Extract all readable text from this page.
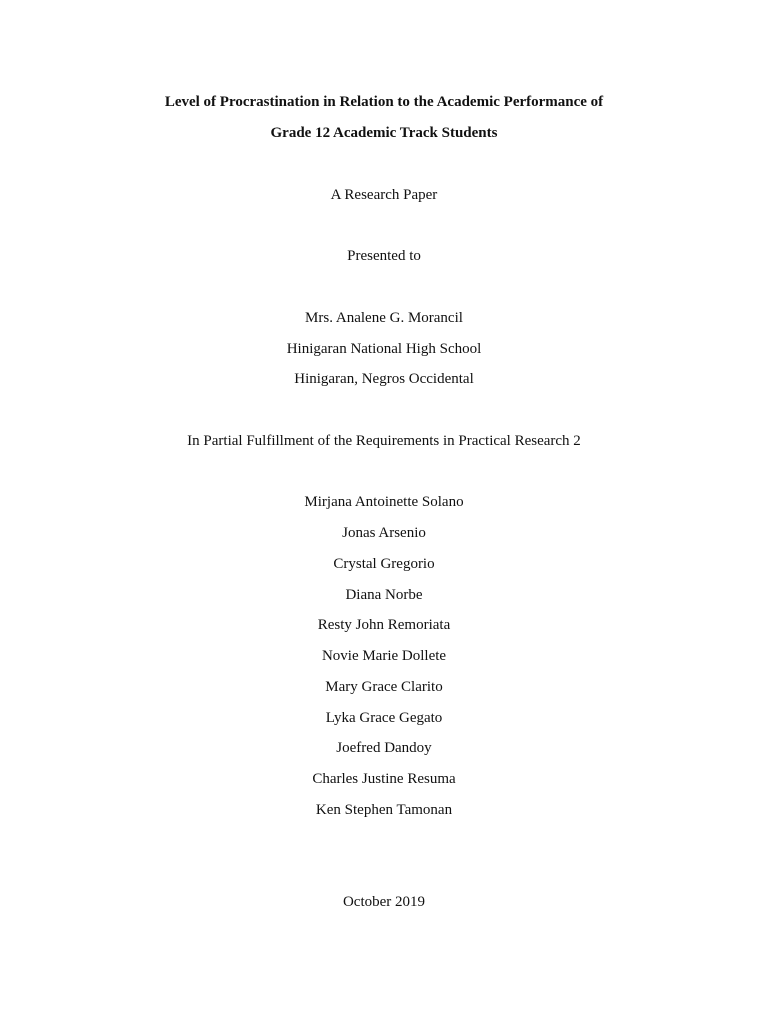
Level of Procrastination in Relation to the Academic Performance of
Grade 12 Academic Track Students
A Research Paper
Presented to
Mrs. Analene G. Morancil
Hinigaran National High School
Hinigaran, Negros Occidental
In Partial Fulfillment of the Requirements in Practical Research 2
Mirjana Antoinette Solano
Jonas Arsenio
Crystal Gregorio
Diana Norbe
Resty John Remoriata
Novie Marie Dollete
Mary Grace Clarito
Lyka Grace Gegato
Joefred Dandoy
Charles Justine Resuma
Ken Stephen Tamonan
October 2019
